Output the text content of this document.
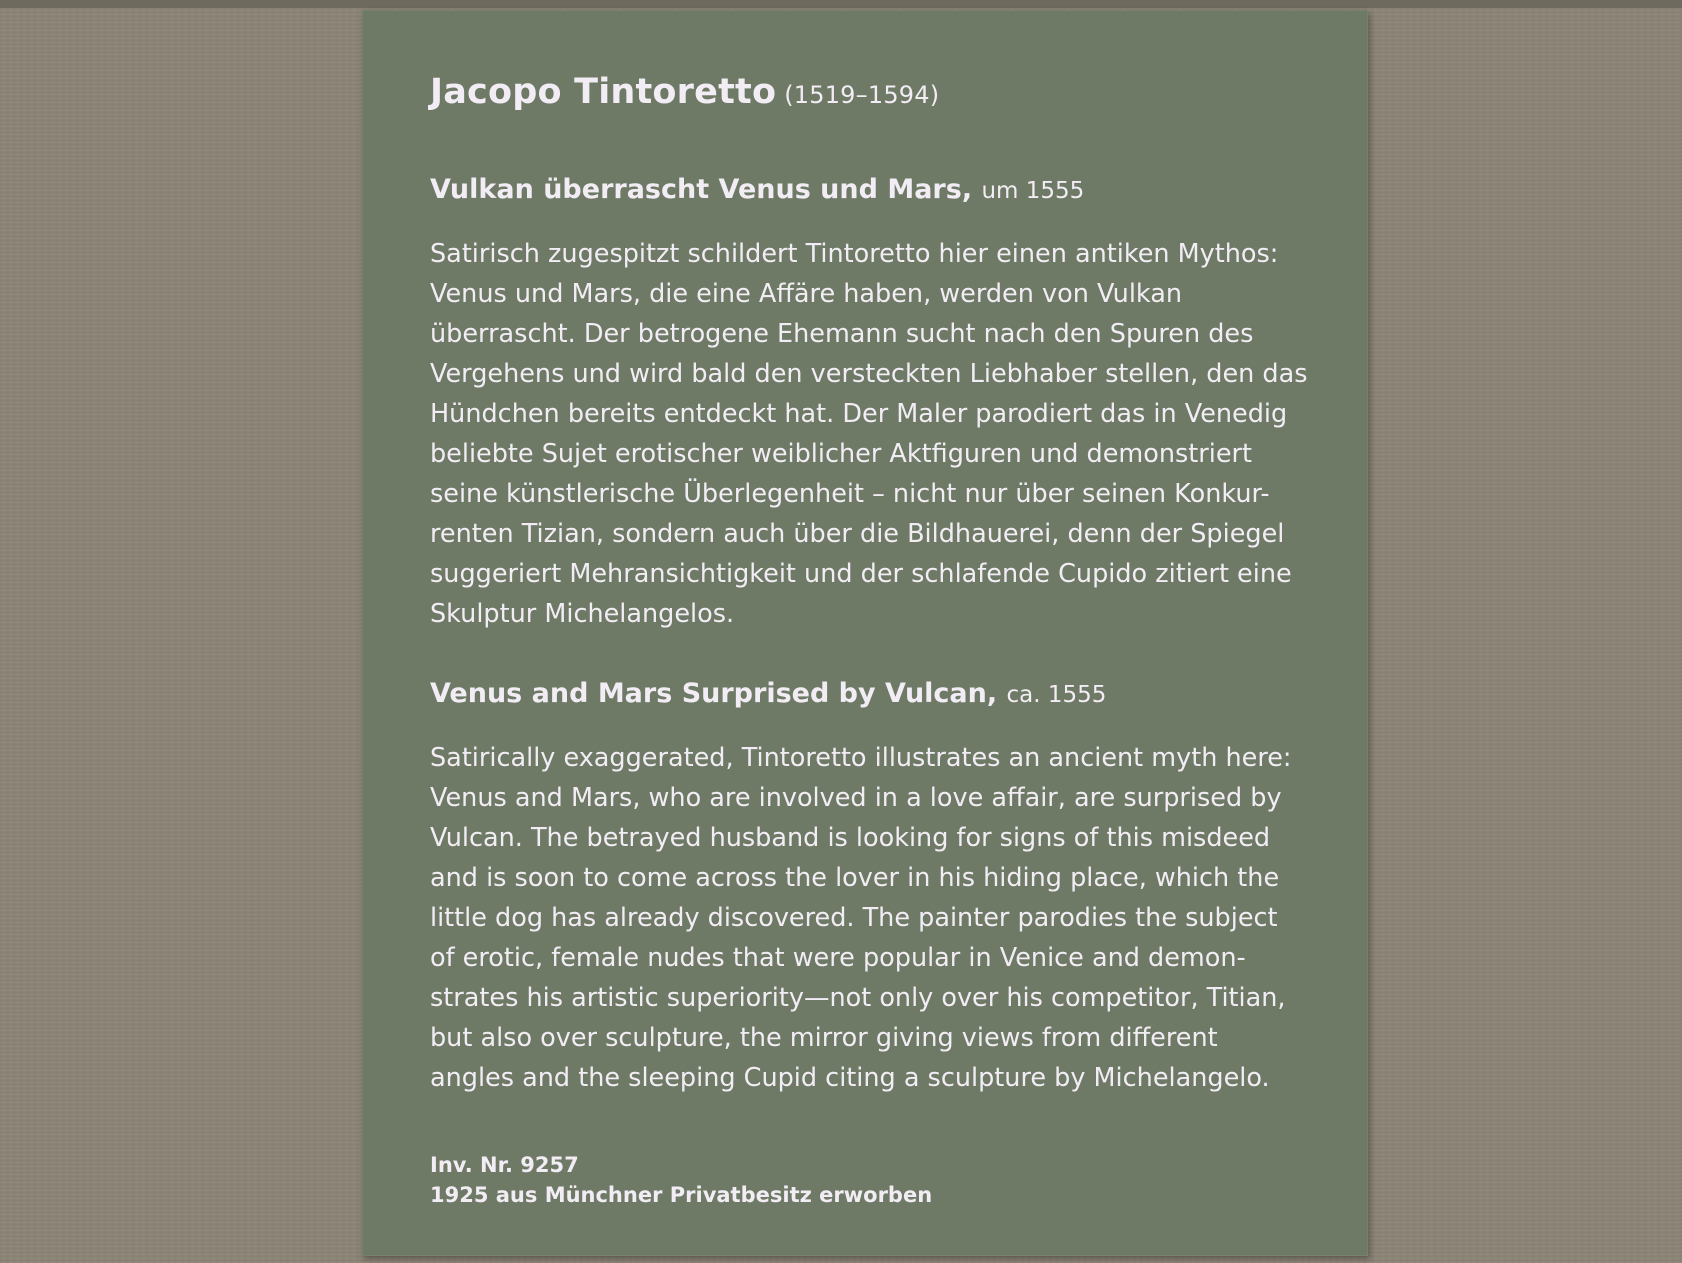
Jacopo Tintoretto (1519–1594)

Vulkan überrascht Venus und Mars, um 1555

Satirisch zugespitzt schildert Tintoretto hier einen antiken Mythos:
Venus und Mars, die eine Affäre haben, werden von Vulkan
überrascht. Der betrogene Ehemann sucht nach den Spuren des
Vergehens und wird bald den versteckten Liebhaber stellen, den das
Hündchen bereits entdeckt hat. Der Maler parodiert das in Venedig
beliebte Sujet erotischer weiblicher Aktfiguren und demonstriert
seine künstlerische Überlegenheit – nicht nur über seinen Konkur-
renten Tizian, sondern auch über die Bildhauerei, denn der Spiegel
suggeriert Mehransichtigkeit und der schlafende Cupido zitiert eine
Skulptur Michelangelos.

Venus and Mars Surprised by Vulcan, ca. 1555

Satirically exaggerated, Tintoretto illustrates an ancient myth here:
Venus and Mars, who are involved in a love affair, are surprised by
Vulcan. The betrayed husband is looking for signs of this misdeed
and is soon to come across the lover in his hiding place, which the
little dog has already discovered. The painter parodies the subject
of erotic, female nudes that were popular in Venice and demon-
strates his artistic superiority—not only over his competitor, Titian,
but also over sculpture, the mirror giving views from different
angles and the sleeping Cupid citing a sculpture by Michelangelo.
Inv. Nr. 9257
1925 aus Münchner Privatbesitz erworben
